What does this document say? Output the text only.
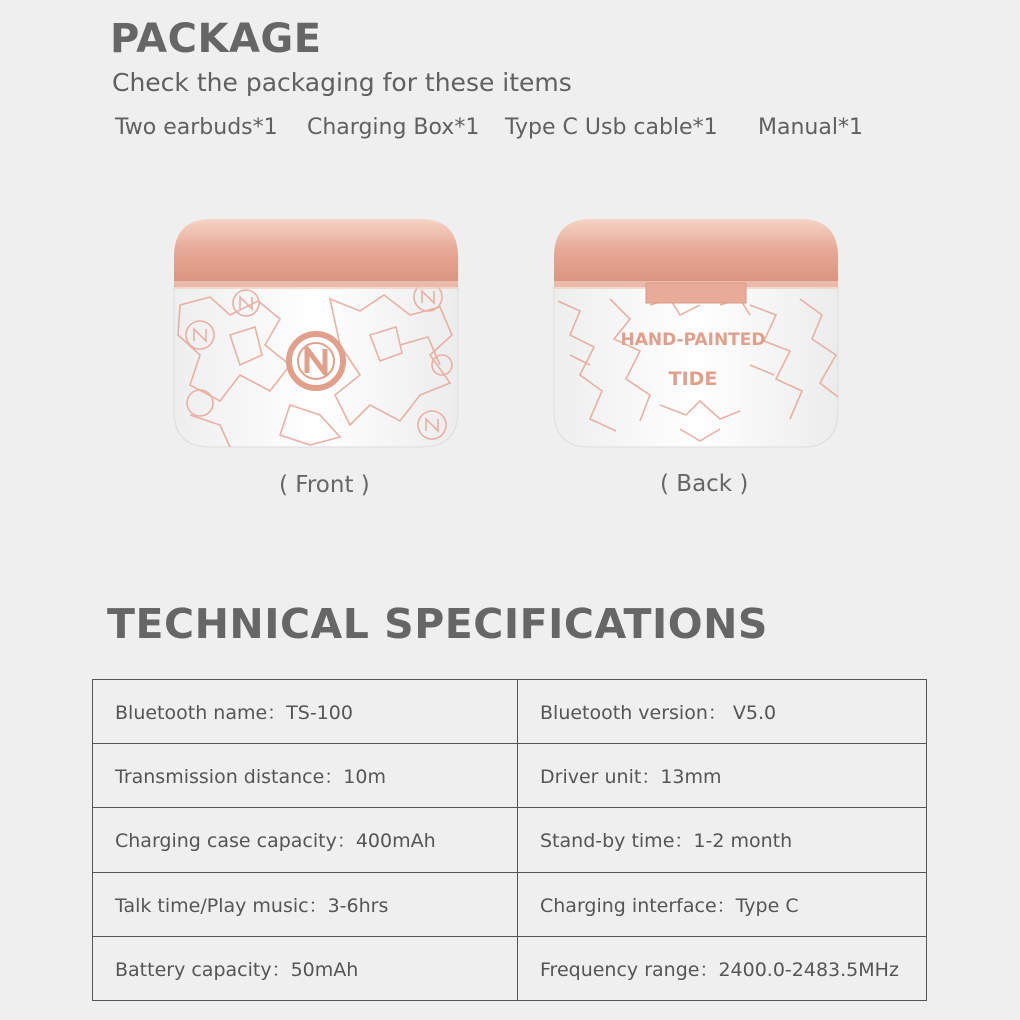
PACKAGE

Check the packaging for these items

Two earbuds*1 Charging Box*1 Type C Usb cable*1 Manual*1
HAND-PAINTED
TIDE
( Front )	( Back )
TECHNICAL SPECIFICATIONS
Bluetooth name：TS-100	Bluetooth version： V5.0
Transmission distance：10m	Driver unit：13mm
Charging case capacity：400mAh	Stand-by time：1-2 month
Talk time/Play music：3-6hrs	Charging interface：Type C
Battery capacity：50mAh	Frequency range：2400.0-2483.5MHz
